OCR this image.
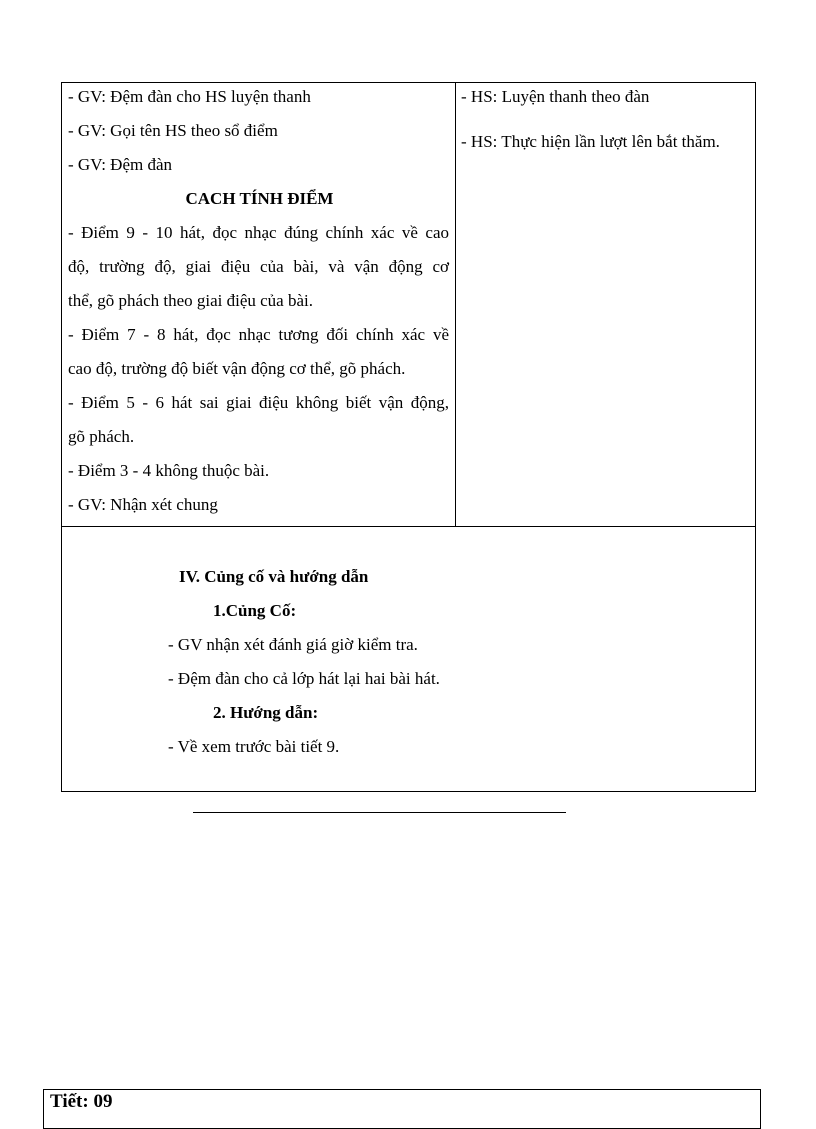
- GV: Đệm đàn cho HS luyện thanh
- GV: Gọi tên HS theo sổ điểm
- GV: Đệm đàn
CACH TÍNH ĐIỂM
- Điểm 9 - 10 hát, đọc nhạc đúng chính xác về cao
độ, trường độ, giai điệu của bài, và vận động cơ
thể, gõ phách theo giai điệu của bài.
- Điểm 7 - 8 hát, đọc nhạc tương đối chính xác về
cao độ, trường độ biết vận động cơ thể, gõ phách.
- Điểm 5 - 6 hát sai giai điệu không biết vận động,
gõ phách.
- Điểm 3 - 4 không thuộc bài.
- GV: Nhận xét chung
- HS: Luyện thanh theo đàn
- HS: Thực hiện lần lượt lên bắt thăm.
IV. Củng cố và hướng dẫn
1.Củng Cố:
- GV nhận xét đánh giá giờ kiểm tra.
- Đệm đàn cho cả lớp hát lại hai bài hát.
2. Hướng dẫn:
- Về xem trước bài tiết 9.
Tiết: 09
